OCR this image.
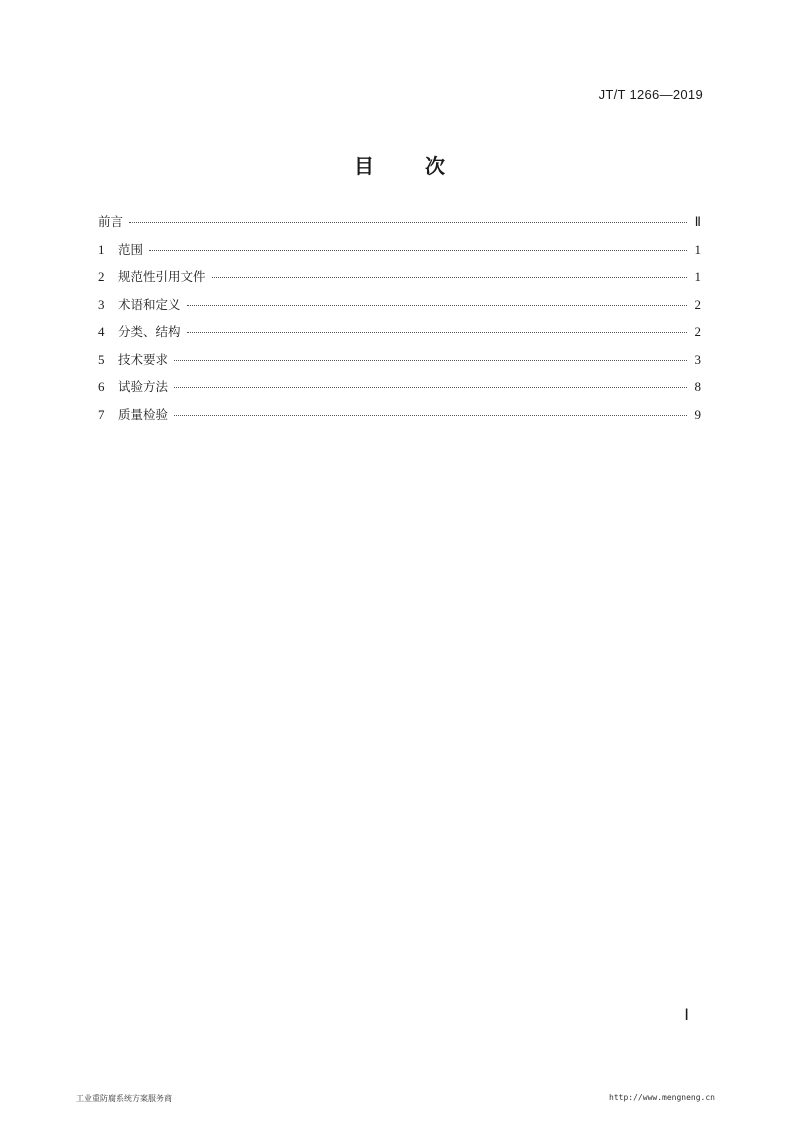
JT/T 1266—2019
目 次
前言	Ⅱ
1	范围	1
2	规范性引用文件	1
3	术语和定义	2
4	分类、结构	2
5	技术要求	3
6	试验方法	8
7	质量检验	9
Ⅰ
工业重防腐系统方案服务商	http://www.mengneng.cn
